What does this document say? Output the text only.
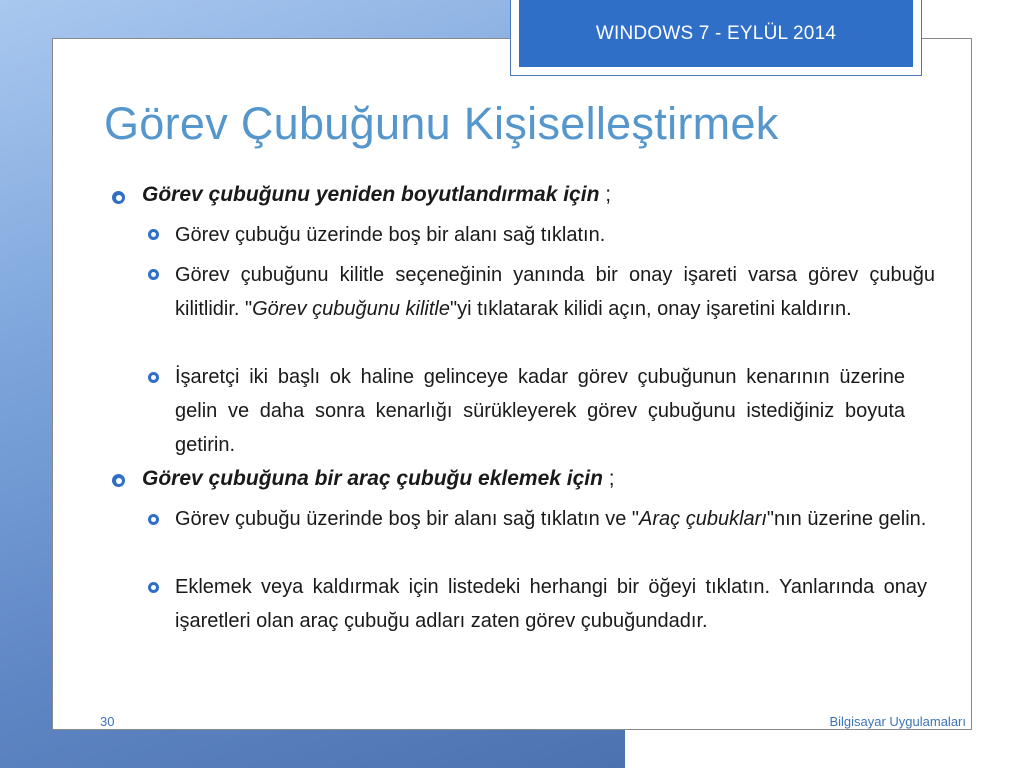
WINDOWS 7 - EYLÜL 2014
Görev Çubuğunu Kişiselleştirmek
Görev çubuğunu yeniden boyutlandırmak için ;
Görev çubuğu üzerinde boş bir alanı sağ tıklatın.
Görev çubuğunu kilitle seçeneğinin yanında bir onay işareti varsa görev çubuğu kilitlidir. "Görev çubuğunu kilitle"yi tıklatarak kilidi açın, onay işaretini kaldırın.
İşaretçi iki başlı ok haline gelinceye kadar görev çubuğunun kenarının üzerine gelin ve daha sonra kenarlığı sürükleyerek görev çubuğunu istediğiniz boyuta getirin.
Görev çubuğuna bir araç çubuğu eklemek için ;
Görev çubuğu üzerinde boş bir alanı sağ tıklatın ve "Araç çubukları"nın üzerine gelin.
Eklemek veya kaldırmak için listedeki herhangi bir öğeyi tıklatın. Yanlarında onay işaretleri olan araç çubuğu adları zaten görev çubuğundadır.
30	Bilgisayar Uygulamaları
